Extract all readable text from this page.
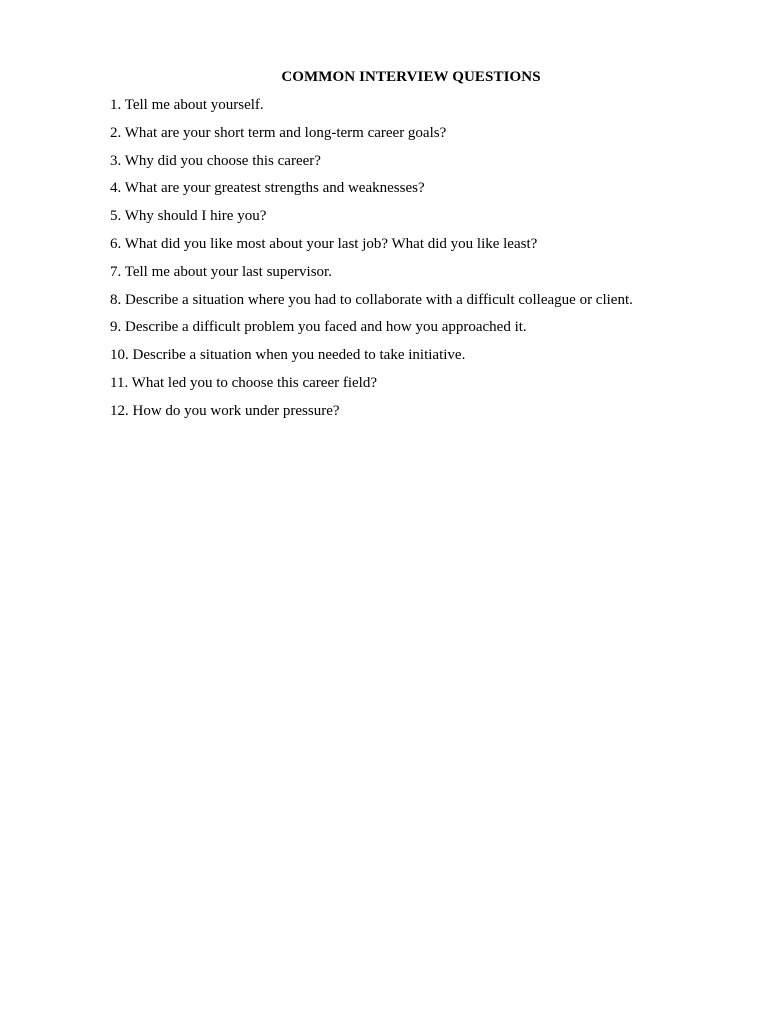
COMMON INTERVIEW QUESTIONS
1. Tell me about yourself.
2. What are your short term and long-term career goals?
3. Why did you choose this career?
4. What are your greatest strengths and weaknesses?
5. Why should I hire you?
6. What did you like most about your last job? What did you like least?
7. Tell me about your last supervisor.
8. Describe a situation where you had to collaborate with a difficult colleague or client.
9. Describe a difficult problem you faced and how you approached it.
10. Describe a situation when you needed to take initiative.
11. What led you to choose this career field?
12. How do you work under pressure?
